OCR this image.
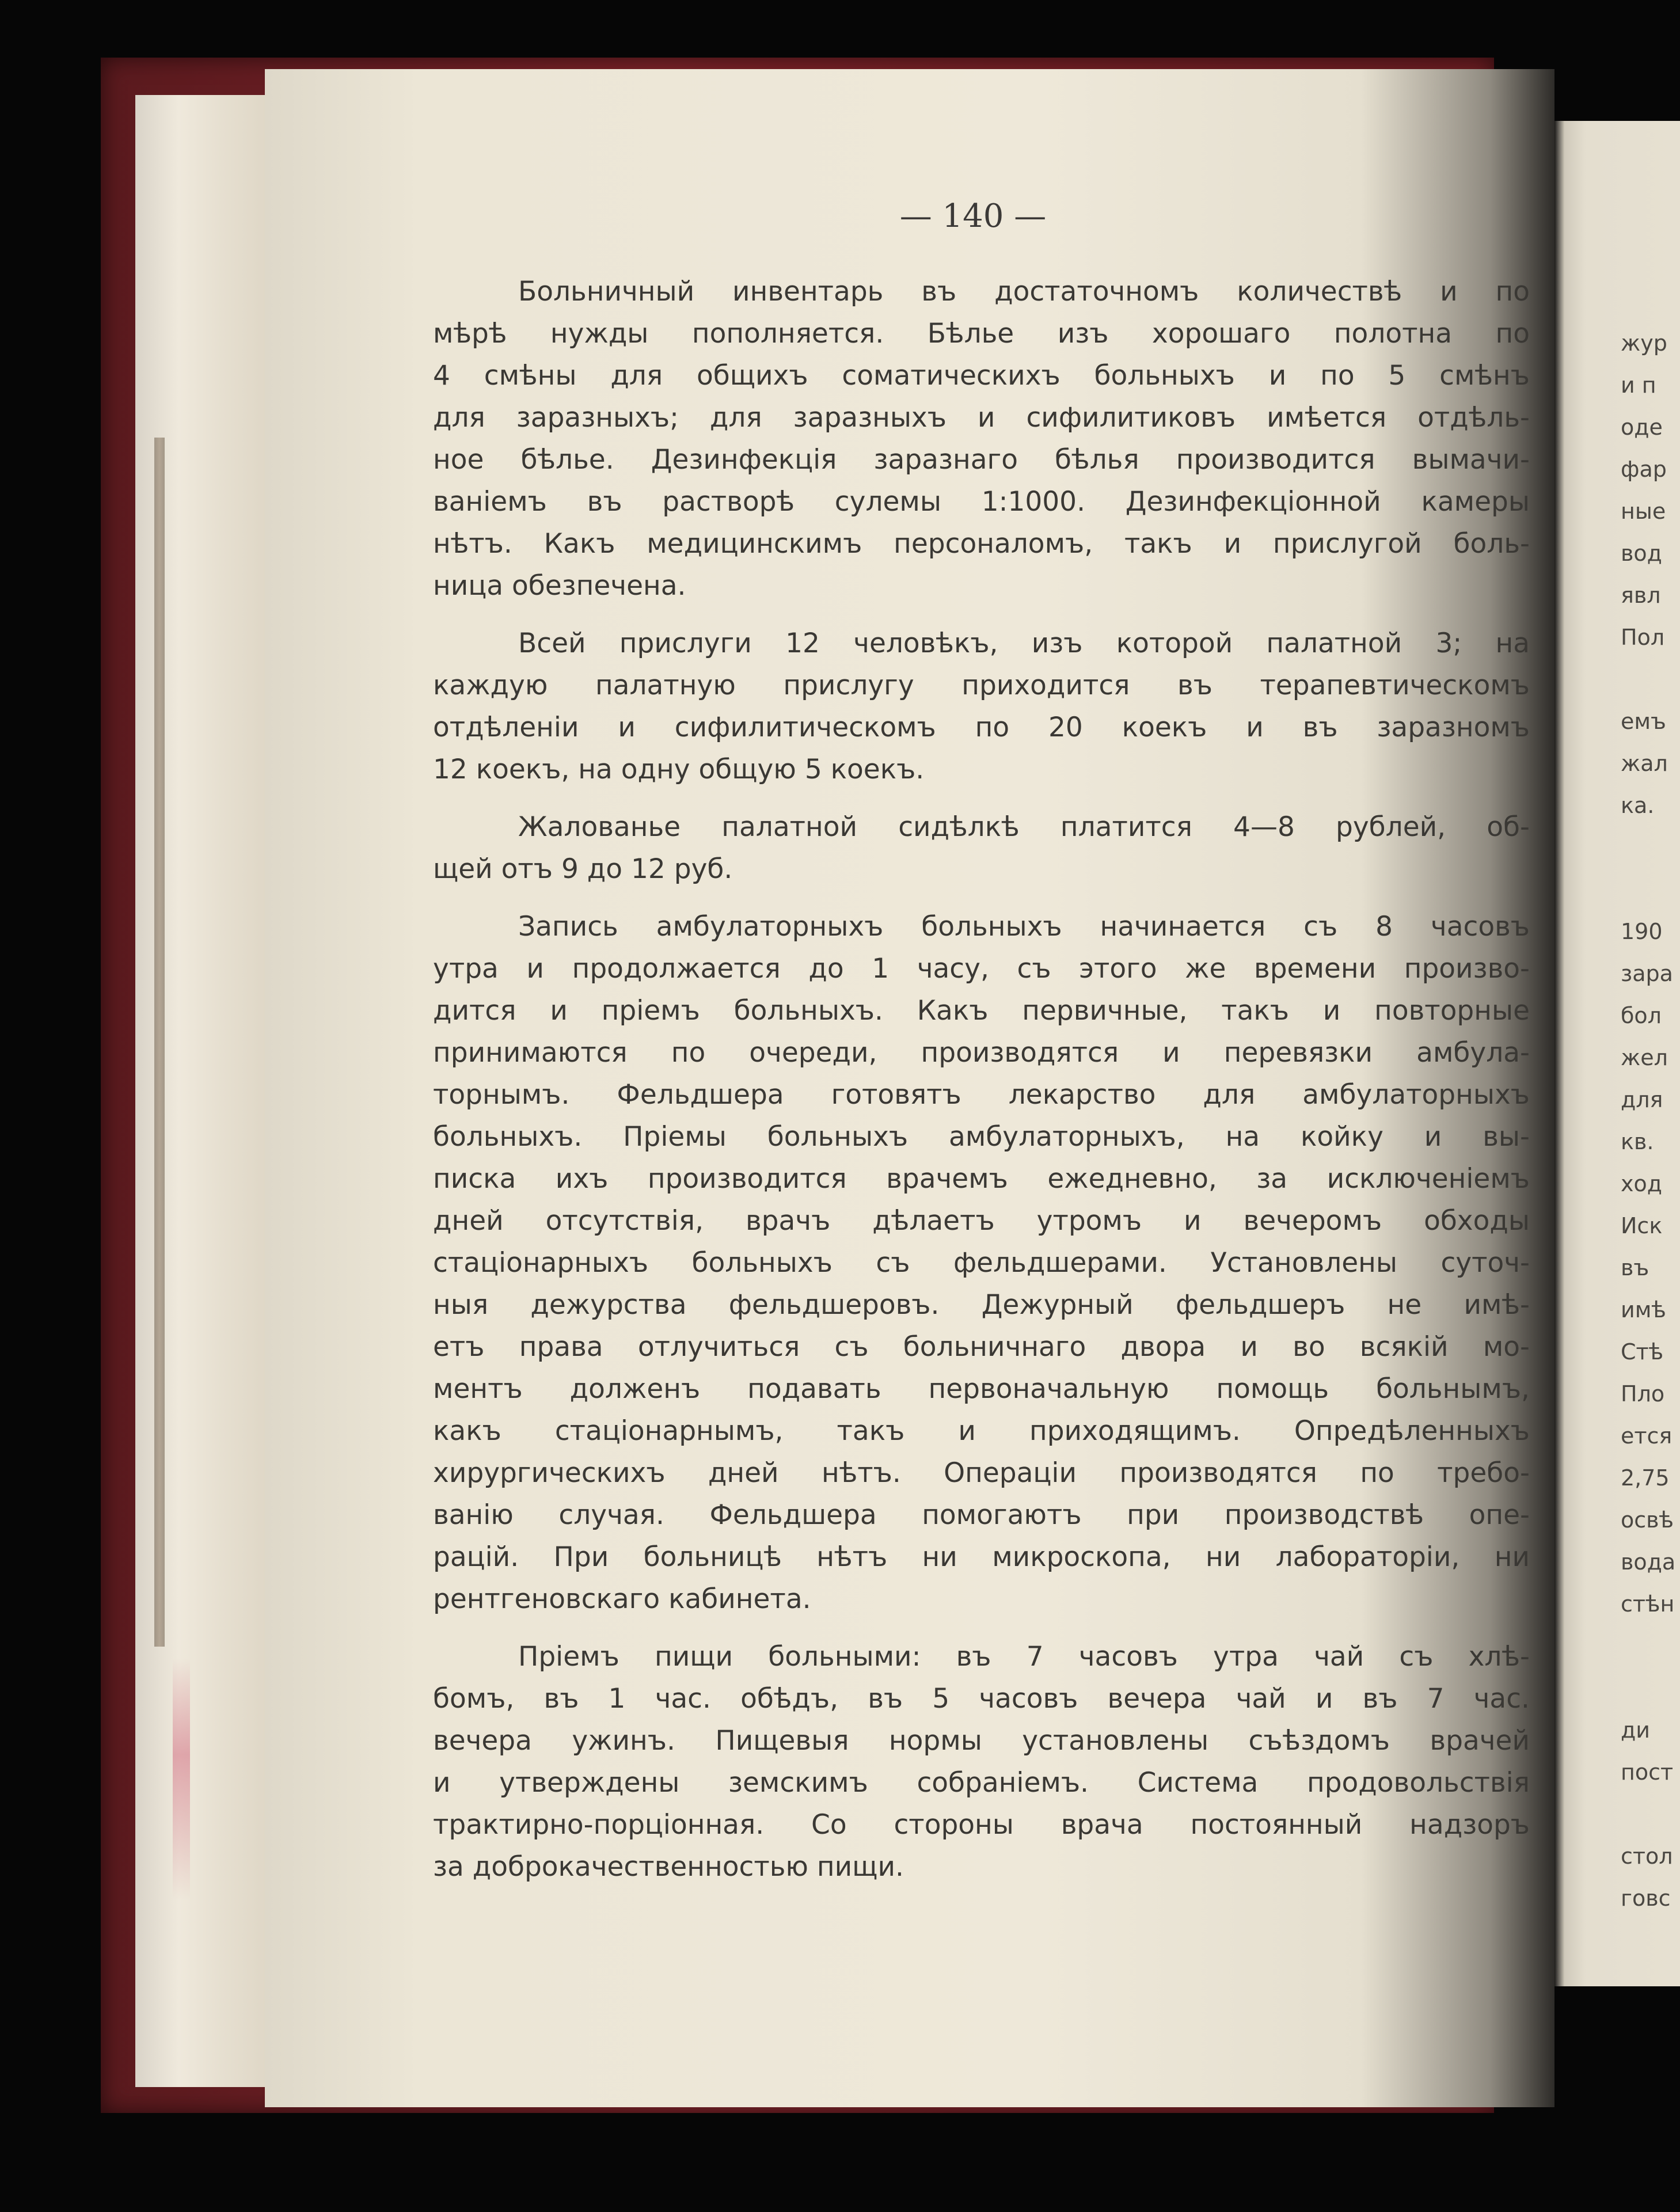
— 140 —
Больничный инвентарь въ достаточномъ количествѣ и по
мѣрѣ нужды пополняется. Бѣлье изъ хорошаго полотна по
4 смѣны для общихъ соматическихъ больныхъ и по 5 смѣнъ
для заразныхъ; для заразныхъ и сифилитиковъ имѣется отдѣль-
ное бѣлье. Дезинфекція заразнаго бѣлья производится вымачи-
ваніемъ въ растворѣ сулемы 1:1000. Дезинфекціонной камеры
нѣтъ. Какъ медицинскимъ персоналомъ, такъ и прислугой боль-
ница обезпечена.
Всей прислуги 12 человѣкъ, изъ которой палатной 3; на
каждую палатную прислугу приходится въ терапевтическомъ
отдѣленіи и сифилитическомъ по 20 коекъ и въ заразномъ
12 коекъ, на одну общую 5 коекъ.
Жалованье палатной сидѣлкѣ платится 4—8 рублей, об-
щей отъ 9 до 12 руб.
Запись амбулаторныхъ больныхъ начинается съ 8 часовъ
утра и продолжается до 1 часу, съ этого же времени произво-
дится и пріемъ больныхъ. Какъ первичные, такъ и повторные
принимаются по очереди, производятся и перевязки амбула-
торнымъ. Фельдшера готовятъ лекарство для амбулаторныхъ
больныхъ. Пріемы больныхъ амбулаторныхъ, на койку и вы-
писка ихъ производится врачемъ ежедневно, за исключеніемъ
дней отсутствія, врачъ дѣлаетъ утромъ и вечеромъ обходы
стаціонарныхъ больныхъ съ фельдшерами. Установлены суточ-
ныя дежурства фельдшеровъ. Дежурный фельдшеръ не имѣ-
етъ права отлучиться съ больничнаго двора и во всякій мо-
ментъ долженъ подавать первоначальную помощь больнымъ,
какъ стаціонарнымъ, такъ и приходящимъ. Опредѣленныхъ
хирургическихъ дней нѣтъ. Операціи производятся по требо-
ванію случая. Фельдшера помогаютъ при производствѣ опе-
рацій. При больницѣ нѣтъ ни микроскопа, ни лабораторіи, ни
рентгеновскаго кабинета.
Пріемъ пищи больными: въ 7 часовъ утра чай съ хлѣ-
бомъ, въ 1 час. обѣдъ, въ 5 часовъ вечера чай и въ 7 час.
вечера ужинъ. Пищевыя нормы установлены съѣздомъ врачей
и утверждены земскимъ собраніемъ. Система продовольствія
трактирно-порціонная. Со стороны врача постоянный надзоръ
за доброкачественностью пищи.
жур
и п
оде
фар
ные
вод
явл
Пол
емъ
жал
ка.
190
зара
бол
жел
для
кв.
ход
Иск
въ
имѣ
Стѣ
Пло
ется
2,75
освѣ
вода
стѣн
ди
пост
стол
говс
